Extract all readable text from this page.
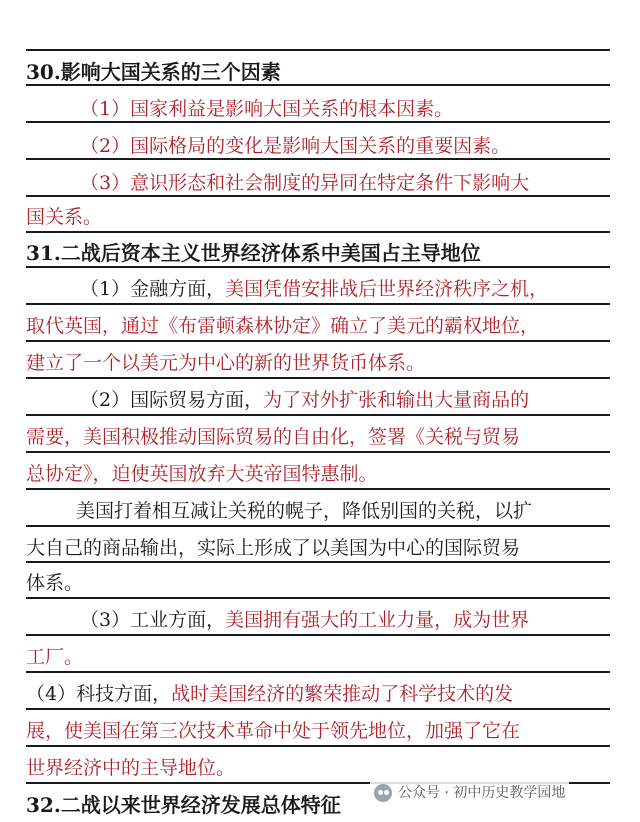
30.影响大国关系的三个因素
（1）国家利益是影响大国关系的根本因素。
（2）国际格局的变化是影响大国关系的重要因素。
（3）意识形态和社会制度的异同在特定条件下影响大
国关系。
31.二战后资本主义世界经济体系中美国占主导地位
（1）金融方面，美国凭借安排战后世界经济秩序之机，
取代英国，通过《布雷顿森林协定》确立了美元的霸权地位，
建立了一个以美元为中心的新的世界货币体系。
（2）国际贸易方面，为了对外扩张和输出大量商品的
需要，美国积极推动国际贸易的自由化，签署《关税与贸易
总协定》，迫使英国放弃大英帝国特惠制。
美国打着相互减让关税的幌子，降低别国的关税，以扩
大自己的商品输出，实际上形成了以美国为中心的国际贸易
体系。
（3）工业方面，美国拥有强大的工业力量，成为世界
工厂。
（4）科技方面，战时美国经济的繁荣推动了科学技术的发
展，使美国在第三次技术革命中处于领先地位，加强了它在
世界经济中的主导地位。
32.二战以来世界经济发展总体特征	公众号 · 初中历史教学园地
